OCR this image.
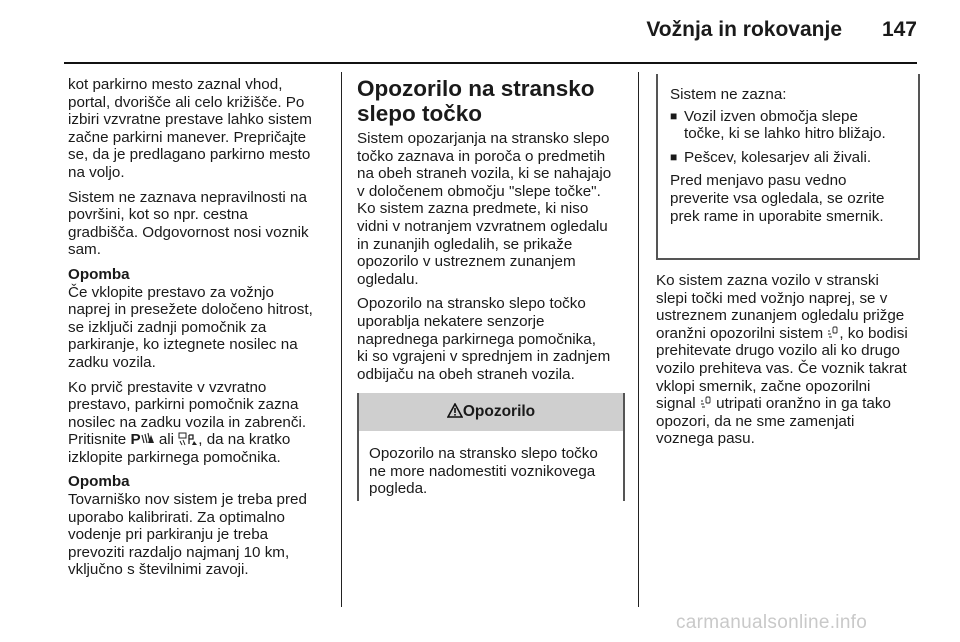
Vožnja in rokovanje 147

kot parkirno mesto zaznal vhod,
portal, dvorišče ali celo križišče. Po
izbiri vzvratne prestave lahko sistem
začne parkirni manever. Prepričajte
se, da je predlagano parkirno mesto
na voljo.

Sistem ne zaznava nepravilnosti na
površini, kot so npr. cestna
gradbišča. Odgovornost nosi voznik
sam.

Opomba
Če vklopite prestavo za vožnjo
naprej in presežete določeno hitrost,
se izključi zadnji pomočnik za
parkiranje, ko iztegnete nosilec na
zadku vozila.

Ko prvič prestavite v vzvratno
prestavo, parkirni pomočnik zazna
nosilec na zadku vozila in zabrenči.
Pritisnite P ali , da na kratko
izklopite parkirnega pomočnika.

Opomba
Tovarniško nov sistem je treba pred
uporabo kalibrirati. Za optimalno
vodenje pri parkiranju je treba
prevoziti razdaljo najmanj 10 km,
vključno s številnimi zavoji.

Opozorilo na stransko
slepo točko

Sistem opozarjanja na stransko slepo
točko zaznava in poroča o predmetih
na obeh straneh vozila, ki se nahajajo
v določenem območju "slepe točke".
Ko sistem zazna predmete, ki niso
vidni v notranjem vzvratnem ogledalu
in zunanjih ogledalih, se prikaže
opozorilo v ustreznem zunanjem
ogledalu.

Opozorilo na stransko slepo točko
uporablja nekatere senzorje
naprednega parkirnega pomočnika,
ki so vgrajeni v sprednjem in zadnjem
odbijaču na obeh straneh vozila.

Opozorilo
Opozorilo na stransko slepo točko
ne more nadomestiti voznikovega
pogleda.
Sistem ne zazna:
■ Vozil izven območja slepe
točke, ki se lahko hitro bližajo.
■ Pešcev, kolesarjev ali živali.
Pred menjavo pasu vedno
preverite vsa ogledala, se ozrite
prek rame in uporabite smernik.

Ko sistem zazna vozilo v stranski
slepi točki med vožnjo naprej, se v
ustreznem zunanjem ogledalu prižge
oranžni opozorilni sistem , ko bodisi
prehitevate drugo vozilo ali ko drugo
vozilo prehiteva vas. Če voznik takrat
vklopi smernik, začne opozorilni
signal  utripati oranžno in ga tako
opozori, da ne sme zamenjati
voznega pasu.

carmanualsonline.info
